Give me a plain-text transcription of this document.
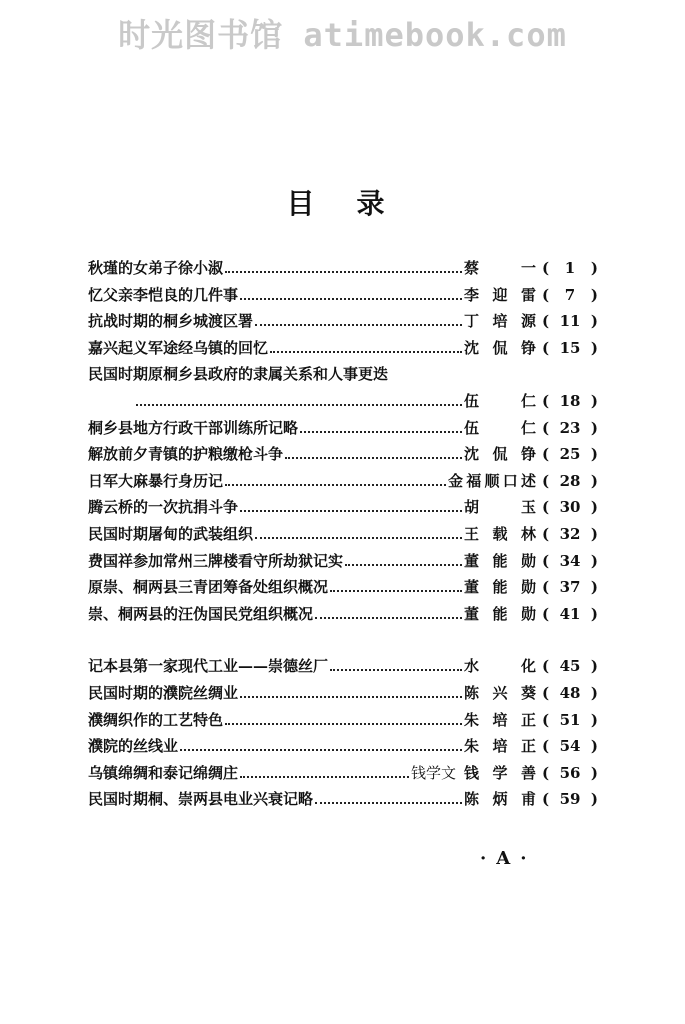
时光图书馆 atimebook.com
目录
秋瑾的女弟子徐小淑	蔡 一 (	1	)
忆父亲李恺良的几件事	李迎雷 (	7	)
抗战时期的桐乡城渡区署	丁培源 ( 11 )
嘉兴起义军途经乌镇的回忆	沈侃铮 ( 15 )
民国时期原桐乡县政府的隶属关系和人事更迭
伍 仁 ( 18 )
桐乡县地方行政干部训练所记略	伍 仁 ( 23 )
解放前夕青镇的护粮缴枪斗争	沈侃铮 ( 25 )
日军大麻暴行身历记	金福顺口述 ( 28 )
腾云桥的一次抗捐斗争	胡 玉 ( 30 )
民国时期屠甸的武装组织	王载林 ( 32 )
费国祥参加常州三牌楼看守所劫狱记实	董能勋 ( 34 )
原崇、桐两县三青团筹备处组织概况	董能勋 ( 37 )
崇、桐两县的汪伪国民党组织概况	董能勋 ( 41 )
记本县第一家现代工业——崇德丝厂	水 化 ( 45 )
民国时期的濮院丝绸业	陈兴葵 ( 48 )
濮绸织作的工艺特色	朱培正 ( 51 )
濮院的丝线业	朱培正 ( 54 )
乌镇绵绸和泰记绵绸庄	钱学文 钱学善 ( 56 )
民国时期桐、崇两县电业兴衰记略	陈炳甫 ( 59 )
·A·
